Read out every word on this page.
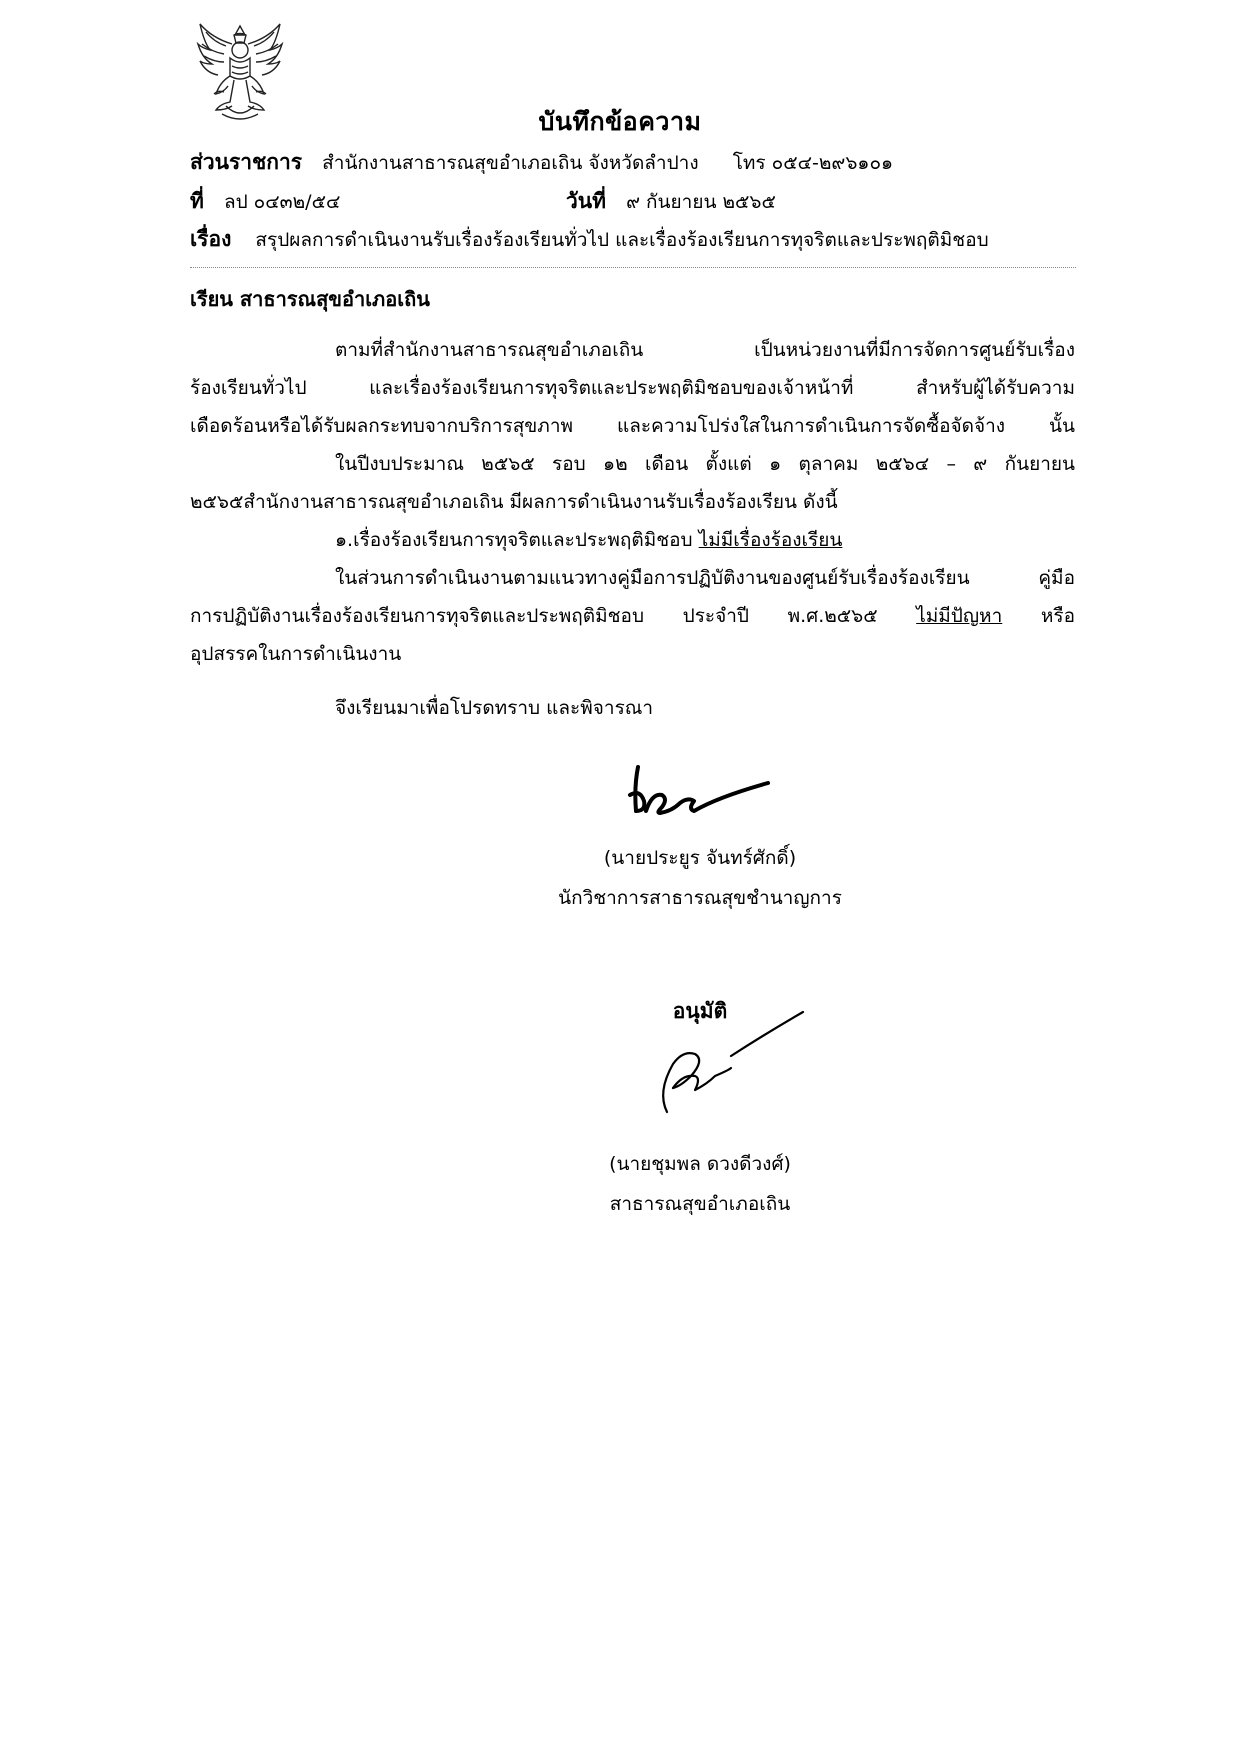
บันทึกข้อความ
ส่วนราชการ สำนักงานสาธารณสุขอำเภอเถิน จังหวัดลำปาง โทร ๐๕๔-๒๙๖๑๐๑
ที่ ลป ๐๔๓๒/๕๔	วันที่ ๙ กันยายน ๒๕๖๕
เรื่อง สรุปผลการดำเนินงานรับเรื่องร้องเรียนทั่วไป และเรื่องร้องเรียนการทุจริตและประพฤติมิชอบ
เรียน สาธารณสุขอำเภอเถิน
ตามที่สำนักงานสาธารณสุขอำเภอเถิน เป็นหน่วยงานที่มีการจัดการศูนย์รับเรื่อง
ร้องเรียนทั่วไป และเรื่องร้องเรียนการทุจริตและประพฤติมิชอบของเจ้าหน้าที่ สำหรับผู้ได้รับความ
เดือดร้อนหรือได้รับผลกระทบจากบริการสุขภาพ และความโปร่งใสในการดำเนินการจัดซื้อจัดจ้าง นั้น
ในปีงบประมาณ ๒๕๖๕ รอบ ๑๒ เดือน ตั้งแต่ ๑ ตุลาคม ๒๕๖๔ – ๙ กันยายน
๒๕๖๕สำนักงานสาธารณสุขอำเภอเถิน มีผลการดำเนินงานรับเรื่องร้องเรียน ดังนี้
๑.เรื่องร้องเรียนการทุจริตและประพฤติมิชอบ ไม่มีเรื่องร้องเรียน
ในส่วนการดำเนินงานตามแนวทางคู่มือการปฏิบัติงานของศูนย์รับเรื่องร้องเรียน คู่มือ
การปฏิบัติงานเรื่องร้องเรียนการทุจริตและประพฤติมิชอบ ประจำปี พ.ศ.๒๕๖๕ ไม่มีปัญหา หรือ
อุปสรรคในการดำเนินงาน
จึงเรียนมาเพื่อโปรดทราบ และพิจารณา
(นายประยูร จันทร์ศักดิ์)
นักวิชาการสาธารณสุขชำนาญการ
อนุมัติ
(นายชุมพล ดวงดีวงศ์)
สาธารณสุขอำเภอเถิน
